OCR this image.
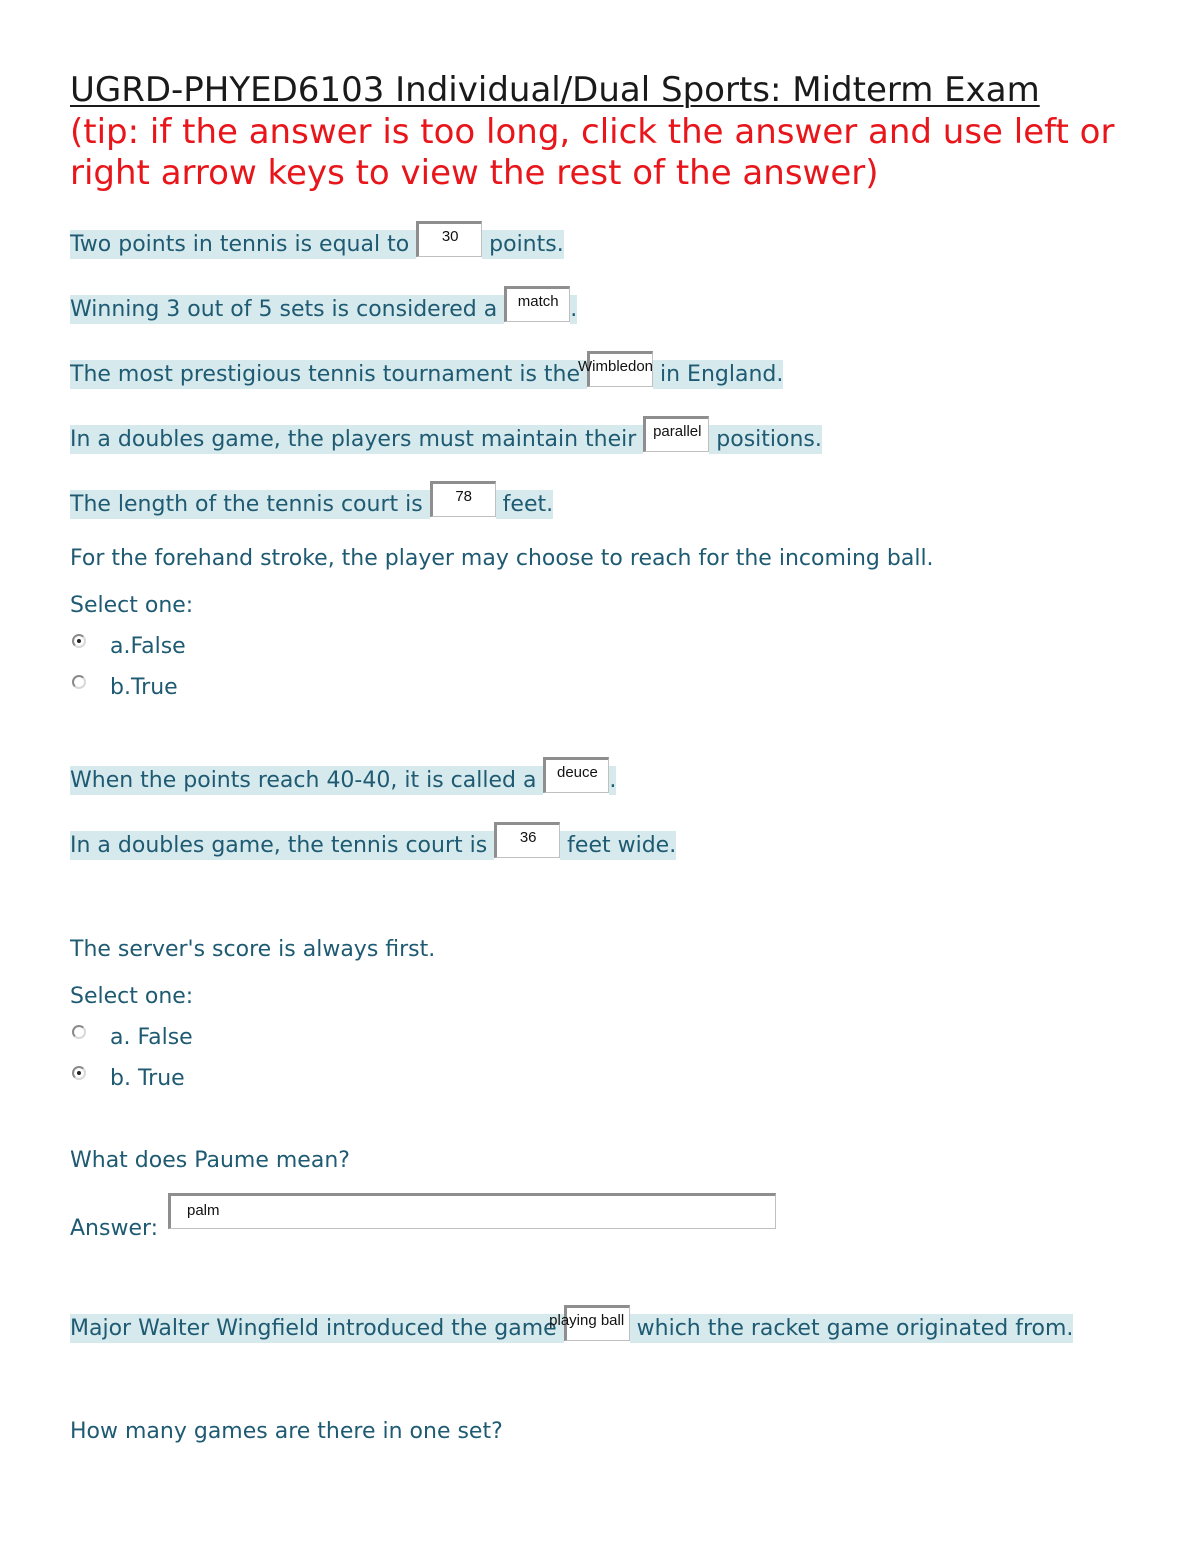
UGRD-PHYED6103 Individual/Dual Sports: Midterm Exam

(tip: if the answer is too long, click the answer and use left or right arrow keys to view the rest of the answer)

Two points in tennis is equal to 30 points.
Winning 3 out of 5 sets is considered a match .
The most prestigious tennis tournament is the Wimbledon in England.
In a doubles game, the players must maintain their parallel positions.
The length of the tennis court is 78 feet.
For the forehand stroke, the player may choose to reach for the incoming ball.
Select one:
a.False
b.True
When the points reach 40-40, it is called a deuce .
In a doubles game, the tennis court is 36 feet wide.
The server's score is always first.
Select one:
a. False
b. True
What does Paume mean?
Answer:
palm
Major Walter Wingfield introduced the game playing ball which the racket game originated from.
How many games are there in one set?
